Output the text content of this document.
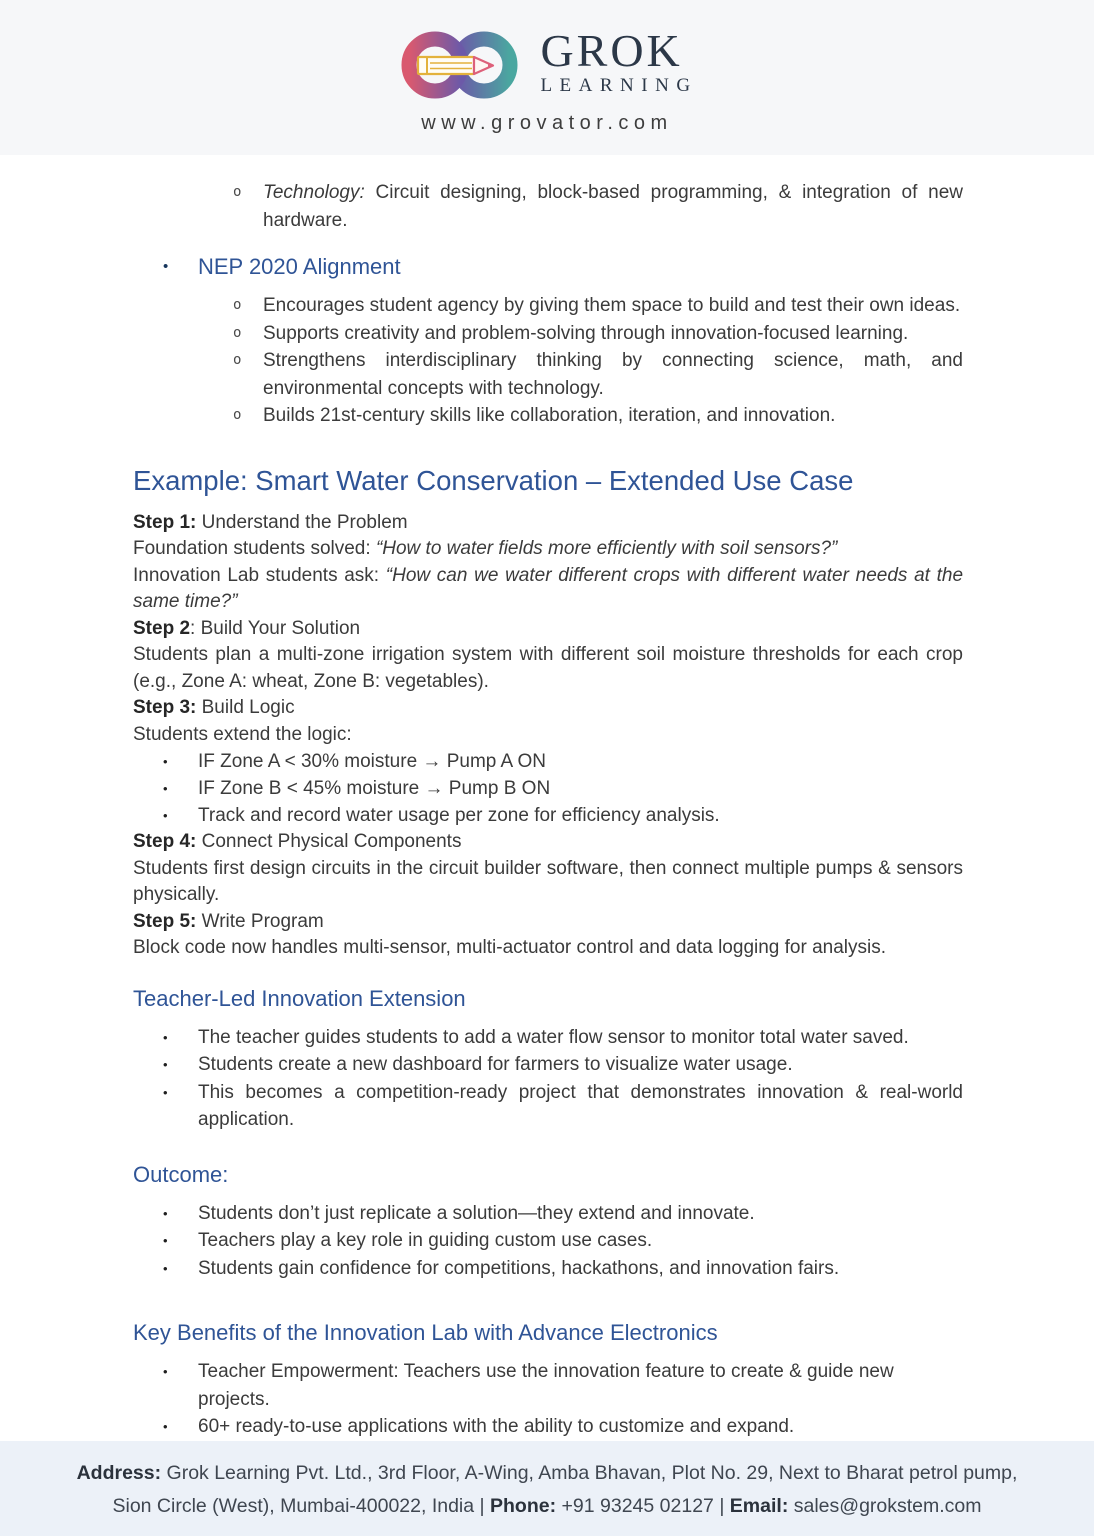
GROK
LEARNING
www.grovator.com
o	Technology: Circuit designing, block-based programming, & integration of new hardware.

•	NEP 2020 Alignment
o	Encourages student agency by giving them space to build and test their own ideas.

o	Supports creativity and problem-solving through innovation-focused learning.

o	Strengthens interdisciplinary thinking by connecting science, math, and environmental concepts with technology.

o	Builds 21st-century skills like collaboration, iteration, and innovation.

Example: Smart Water Conservation – Extended Use Case

Step 1: Understand the Problem

Foundation students solved: “How to water fields more efficiently with soil sensors?”

Innovation Lab students ask: “How can we water different crops with different water needs at the same time?”

Step 2: Build Your Solution

Students plan a multi-zone irrigation system with different soil moisture thresholds for each crop (e.g., Zone A: wheat, Zone B: vegetables).

Step 3: Build Logic

Students extend the logic:

•	IF Zone A < 30% moisture → Pump A ON

•	IF Zone B < 45% moisture → Pump B ON

•	Track and record water usage per zone for efficiency analysis.

Step 4: Connect Physical Components

Students first design circuits in the circuit builder software, then connect multiple pumps & sensors physically.

Step 5: Write Program

Block code now handles multi-sensor, multi-actuator control and data logging for analysis.

Teacher-Led Innovation Extension
•	The teacher guides students to add a water flow sensor to monitor total water saved.

•	Students create a new dashboard for farmers to visualize water usage.

•	This becomes a competition-ready project that demonstrates innovation & real-world application.

Outcome:
•	Students don’t just replicate a solution—they extend and innovate.

•	Teachers play a key role in guiding custom use cases.

•	Students gain confidence for competitions, hackathons, and innovation fairs.

Key Benefits of the Innovation Lab with Advance Electronics
•	Teacher Empowerment: Teachers use the innovation feature to create & guide new projects.

•	60+ ready-to-use applications with the ability to customize and expand.

Address: Grok Learning Pvt. Ltd., 3rd Floor, A-Wing, Amba Bhavan, Plot No. 29, Next to Bharat petrol pump, Sion Circle (West), Mumbai-400022, India | Phone: +91 93245 02127 | Email: sales@grokstem.com
